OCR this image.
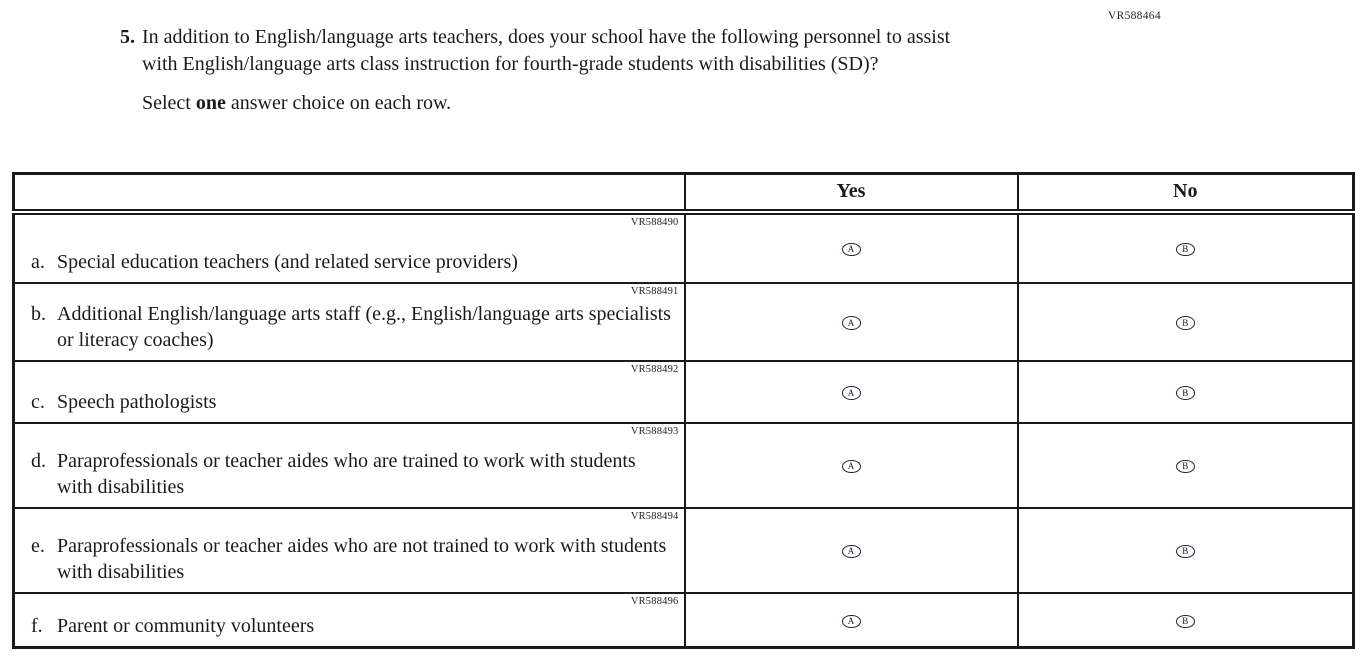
VR588464
5. In addition to English/language arts teachers, does your school have the following personnel to assist with English/language arts class instruction for fourth-grade students with disabilities (SD)?
Select one answer choice on each row.
	Yes	No

VR588490
a. Special education teachers (and related service providers)	A	B

VR588491
b. Additional English/language arts staff (e.g., English/language arts specialists or literacy coaches)	A	B

VR588492
c. Speech pathologists	A	B

VR588493
d. Paraprofessionals or teacher aides who are trained to work with students with disabilities	A	B

VR588494
e. Paraprofessionals or teacher aides who are not trained to work with students with disabilities	A	B

VR588496
f. Parent or community volunteers	A	B
